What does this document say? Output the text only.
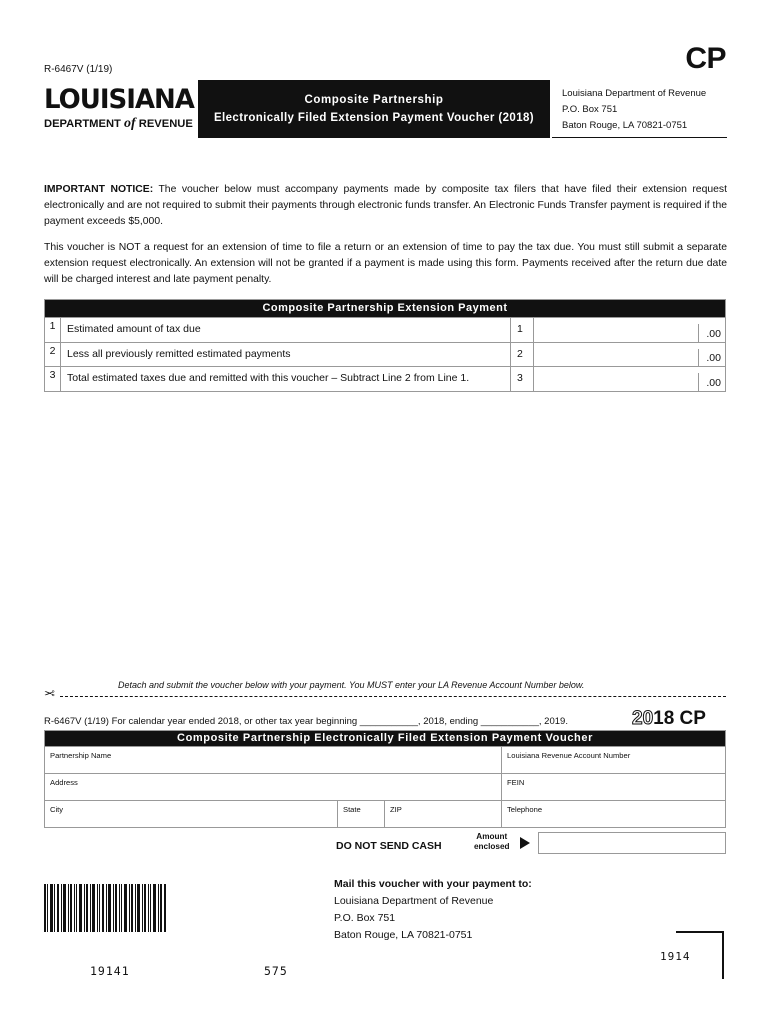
R-6467V (1/19)	CP
LOUISIANA
DEPARTMENT of REVENUE
Composite Partnership
Electronically Filed Extension Payment Voucher (2018)
Louisiana Department of Revenue
P.O. Box 751
Baton Rouge, LA 70821-0751

IMPORTANT NOTICE: The voucher below must accompany payments made by composite tax filers that have filed their extension request electronically and are not required to submit their payments through electronic funds transfer. An Electronic Funds Transfer payment is required if the payment exceeds $5,000.

This voucher is NOT a request for an extension of time to file a return or an extension of time to pay the tax due. You must still submit a separate extension request electronically. An extension will not be granted if a payment is made using this form. Payments received after the return due date will be charged interest and late payment penalty.

Composite Partnership Extension Payment
1	Estimated amount of tax due	1	.00
2	Less all previously remitted estimated payments	2	.00
3	Total estimated taxes due and remitted with this voucher – Subtract Line 2 from Line 1.	3	.00
Detach and submit the voucher below with your payment. You MUST enter your LA Revenue Account Number below.
✂
R-6467V (1/19) For calendar year ended 2018, or other tax year beginning ___________, 2018, ending ___________, 2019.	2018 CP
Composite Partnership Electronically Filed Extension Payment Voucher
Partnership Name	Louisiana Revenue Account Number
Address	FEIN
City	State	ZIP	Telephone
DO NOT SEND CASH
Amount
enclosed
Mail this voucher with your payment to:
Louisiana Department of Revenue
P.O. Box 751
Baton Rouge, LA 70821-0751
19141	575
1914
